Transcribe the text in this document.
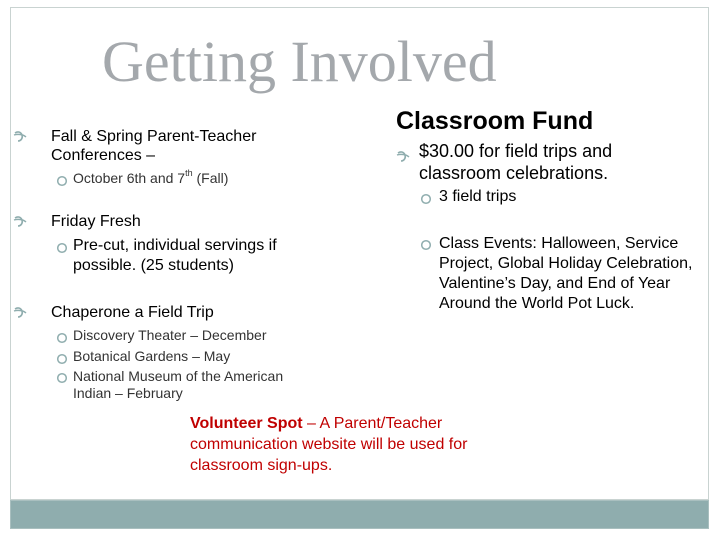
Getting Involved
Fall & Spring Parent-Teacher Conferences –
October 6th and 7th (Fall)
Friday Fresh
Pre-cut, individual servings if possible. (25 students)
Chaperone a Field Trip
Discovery Theater – December
Botanical Gardens – May
National Museum of the American Indian – February
Classroom Fund
$30.00 for field trips and classroom celebrations.
3 field trips
Class Events: Halloween, Service Project, Global Holiday Celebration, Valentine’s Day, and End of Year Around the World Pot Luck.
Volunteer Spot – A Parent/Teacher communication website will be used for classroom sign-ups.
